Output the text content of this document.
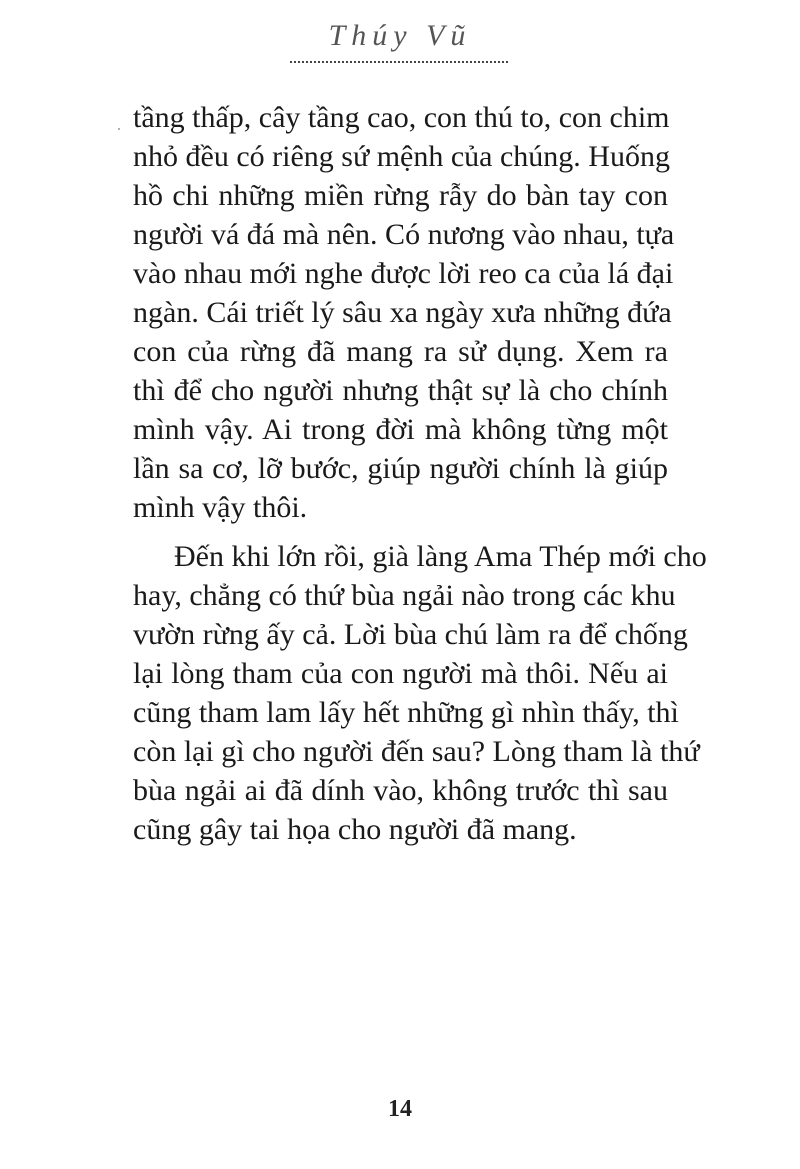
Thúy Vũ

tầng thấp, cây tầng cao, con thú to, con chim
nhỏ đều có riêng sứ mệnh của chúng. Huống
hồ chi những miền rừng rẫy do bàn tay con
người vá đá mà nên. Có nương vào nhau, tựa
vào nhau mới nghe được lời reo ca của lá đại
ngàn. Cái triết lý sâu xa ngày xưa những đứa
con của rừng đã mang ra sử dụng. Xem ra
thì để cho người nhưng thật sự là cho chính
mình vậy. Ai trong đời mà không từng một
lần sa cơ, lỡ bước, giúp người chính là giúp
mình vậy thôi.

Đến khi lớn rồi, già làng Ama Thép mới cho
hay, chẳng có thứ bùa ngải nào trong các khu
vườn rừng ấy cả. Lời bùa chú làm ra để chống
lại lòng tham của con người mà thôi. Nếu ai
cũng tham lam lấy hết những gì nhìn thấy, thì
còn lại gì cho người đến sau? Lòng tham là thứ
bùa ngải ai đã dính vào, không trước thì sau
cũng gây tai họa cho người đã mang.

14
